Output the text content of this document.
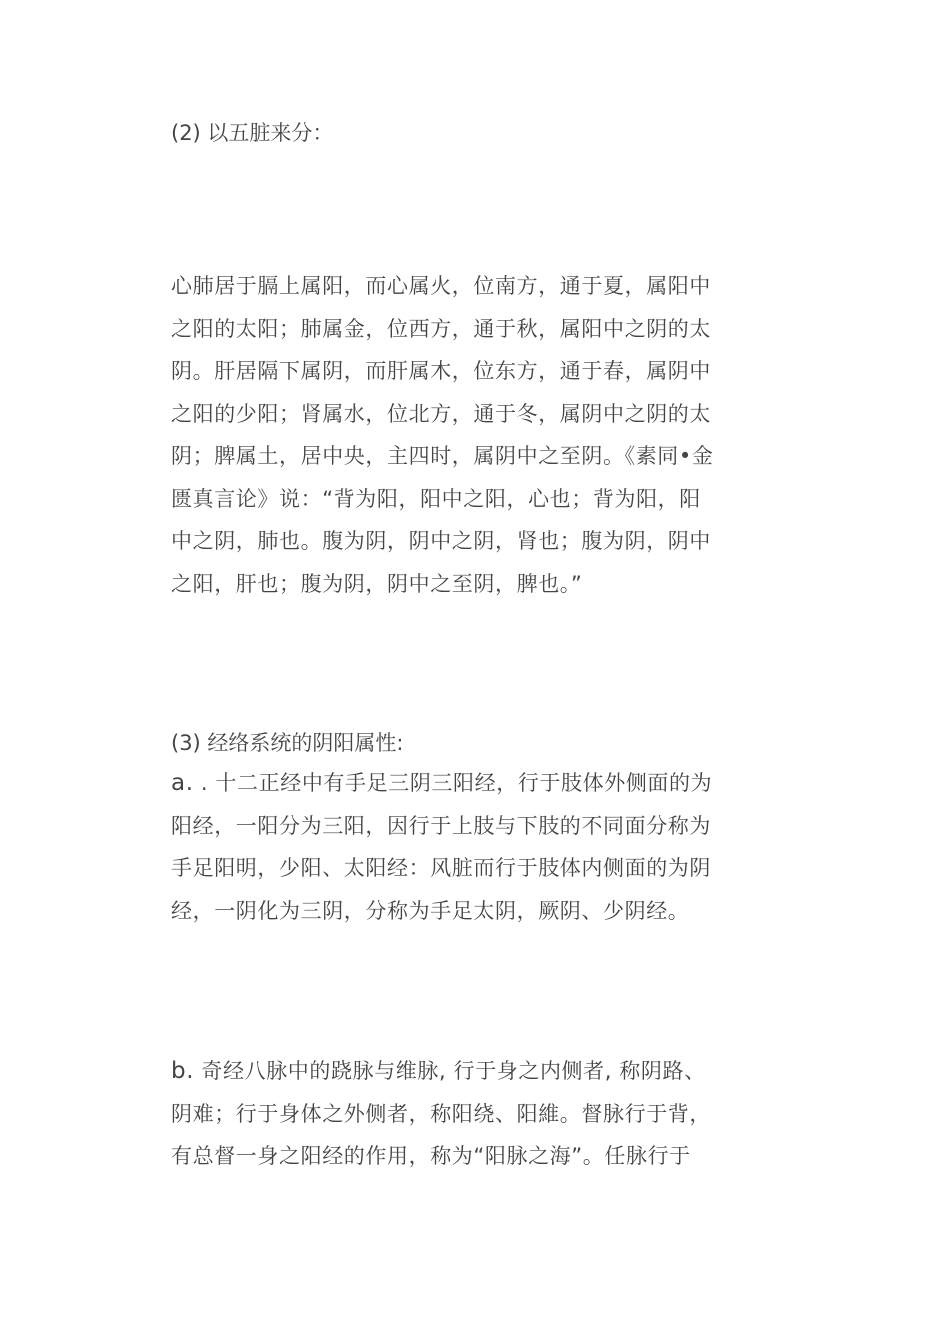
(2) 以五脏来分：
心肺居于膈上属阳，而心属火，位南方，通于夏，属阳中
之阳的太阳；肺属金，位西方，通于秋，属阳中之阴的太
阴。肝居隔下属阴，而肝属木，位东方，通于春，属阴中
之阳的少阳；肾属水，位北方，通于冬，属阴中之阴的太
阴；脾属土，居中央，主四时，属阴中之至阴。《素同•金
匮真言论》说：“背为阳，阳中之阳，心也；背为阳，阳
中之阴，肺也。腹为阴，阴中之阴，肾也；腹为阴，阴中
之阳，肝也；腹为阴，阴中之至阴，脾也。”
(3) 经络系统的阴阳属性:
a. . 十二正经中有手足三阴三阳经，行于肢体外侧面的为
阳经，一阳分为三阳，因行于上肢与下肢的不同面分称为
手足阳明，少阳、太阳经：风脏而行于肢体内侧面的为阴
经，一阴化为三阴，分称为手足太阴，厥阴、少阴经。
b. 奇经八脉中的跷脉与维脉, 行于身之内侧者, 称阴路、
阴难；行于身体之外侧者，称阳绕、阳維。督脉行于背，
有总督一身之阳经的作用，称为“阳脉之海”。任脉行于
